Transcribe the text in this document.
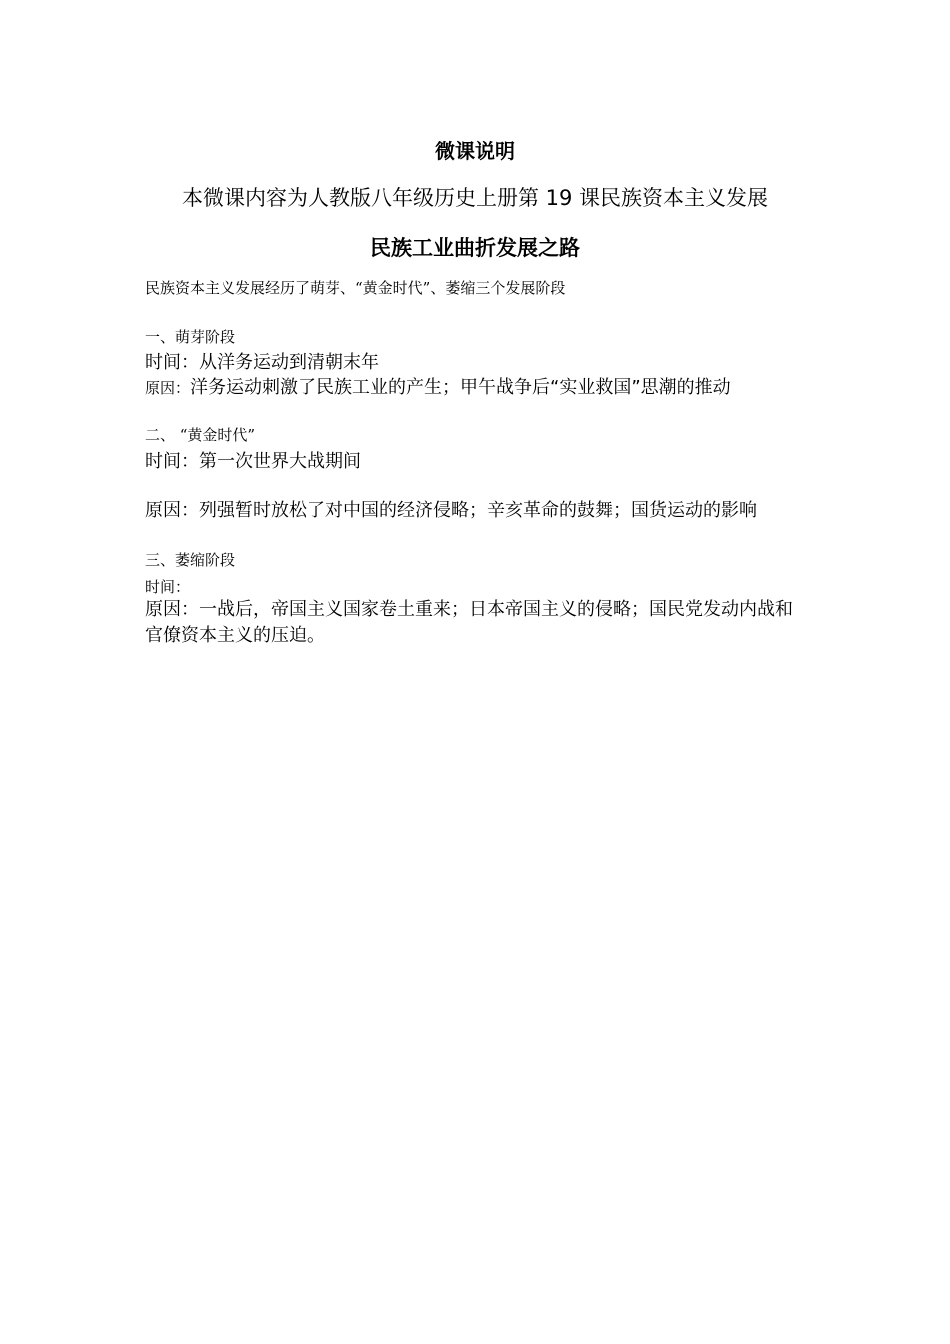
微课说明
本微课内容为人教版八年级历史上册第 19 课民族资本主义发展
民族工业曲折发展之路
民族资本主义发展经历了萌芽、“黄金时代”、萎缩三个发展阶段
一、萌芽阶段
时间：从洋务运动到清朝末年
原因：洋务运动刺激了民族工业的产生；甲午战争后“实业救国”思潮的推动
二、 “黄金时代”
时间：第一次世界大战期间
原因：列强暂时放松了对中国的经济侵略；辛亥革命的鼓舞；国货运动的影响
三、萎缩阶段
时间：
原因：一战后，帝国主义国家卷土重来；日本帝国主义的侵略；国民党发动内战和官僚资本主义的压迫。
